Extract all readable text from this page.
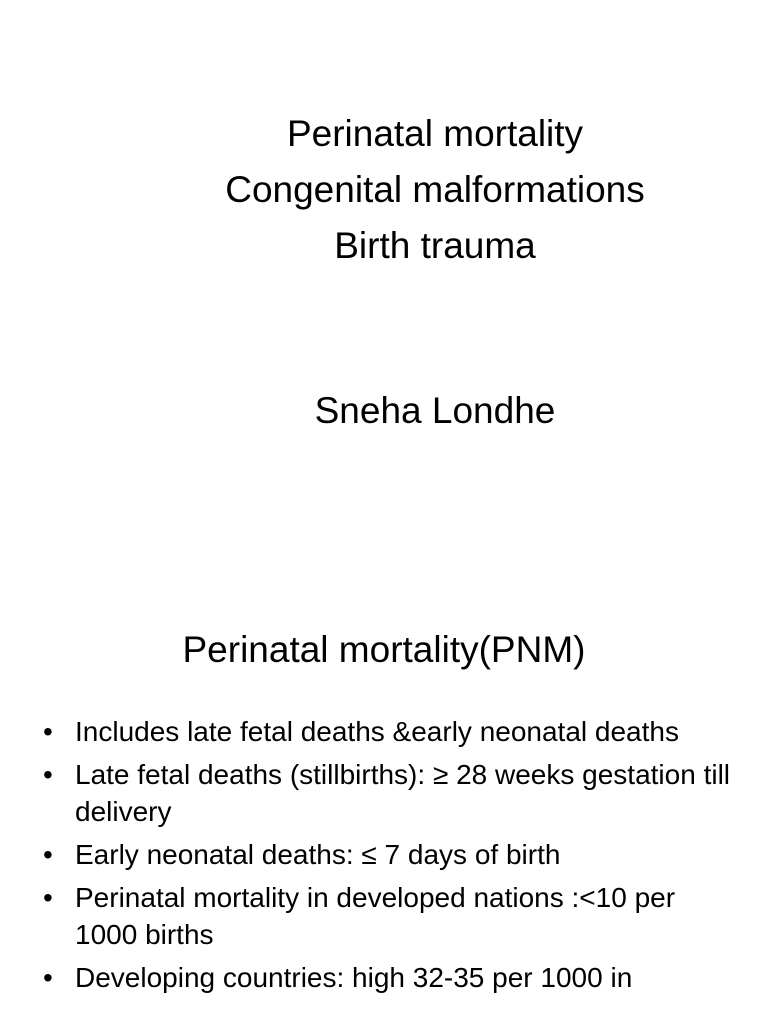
Perinatal mortality
Congenital malformations
Birth trauma
Sneha Londhe
Perinatal mortality(PNM)
• Includes late fetal deaths &early neonatal deaths
• Late fetal deaths (stillbirths): ≥ 28 weeks gestation till delivery
• Early neonatal deaths: ≤ 7 days of birth
• Perinatal mortality in developed nations :<10 per 1000 births
• Developing countries: high 32-35 per 1000 in
